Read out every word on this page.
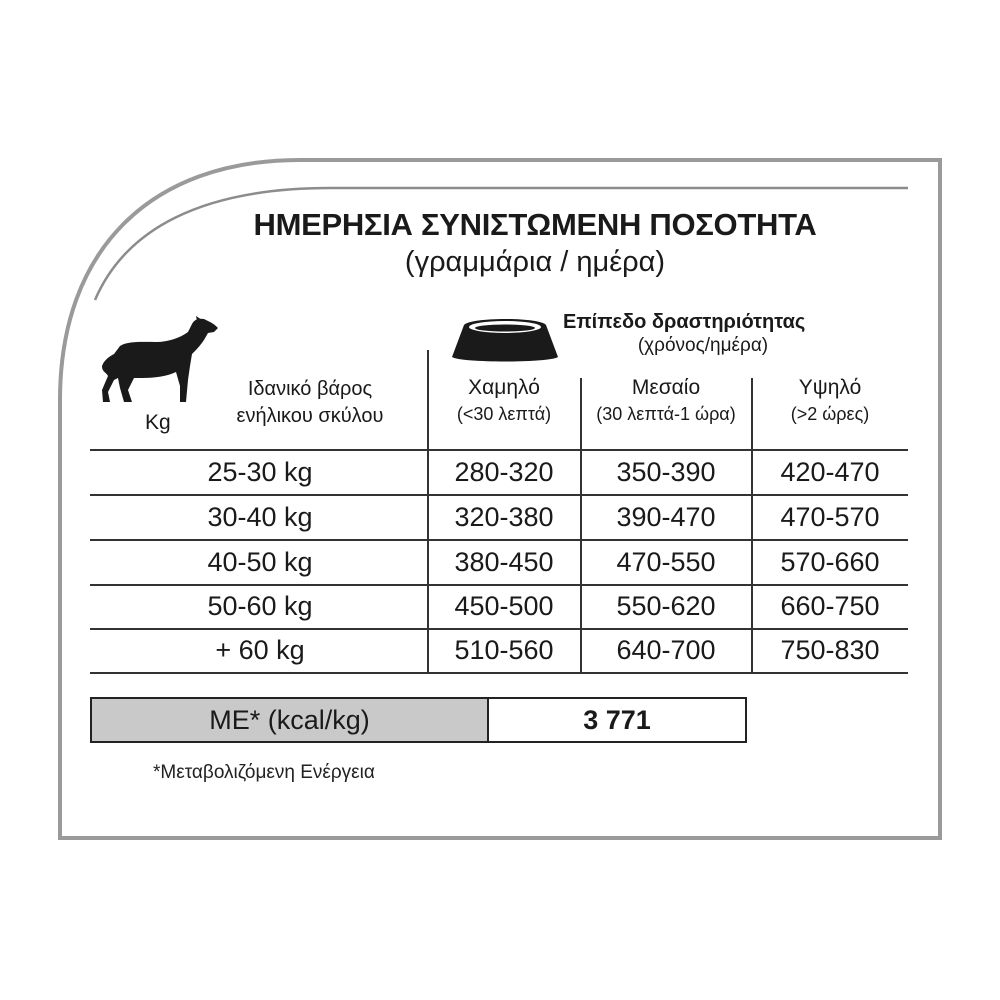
ΗΜΕΡΗΣΙΑ ΣΥΝΙΣΤΩΜΕΝΗ ΠΟΣΟΤΗΤΑ
(γραμμάρια / ημέρα)
Επίπεδο δραστηριότητας
(χρόνος/ημέρα)
Kg
Ιδανικό βάρος
ενήλικου σκύλου
Χαμηλό
(<30 λεπτά)
Μεσαίο
(30 λεπτά-1 ώρα)
Υψηλό
(>2 ώρες)
25-30 kg	280-320	350-390	420-470
30-40 kg	320-380	390-470	470-570
40-50 kg	380-450	470-550	570-660
50-60 kg	450-500	550-620	660-750
+ 60 kg	510-560	640-700	750-830
ME* (kcal/kg)	3 771
*Μεταβολιζόμενη Ενέργεια
